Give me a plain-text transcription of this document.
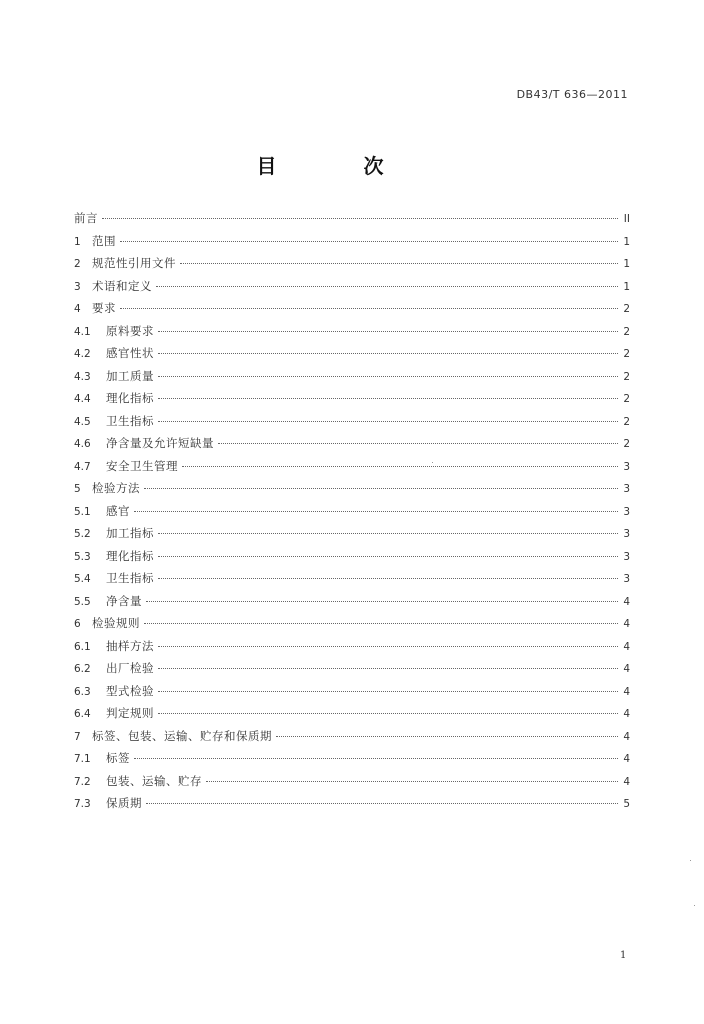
DB43/T 636—2011
目 次
前言	II
1 范围	1
2 规范性引用文件	1
3 术语和定义	1
4 要求	2
4.1	原料要求	2
4.2	感官性状	2
4.3	加工质量	2
4.4	理化指标	2
4.5	卫生指标	2
4.6	净含量及允许短缺量	2
4.7	安全卫生管理	3
5 检验方法	3
5.1	感官	3
5.2	加工指标	3
5.3	理化指标	3
5.4	卫生指标	3
5.5	净含量	4
6 检验规则	4
6.1	抽样方法	4
6.2	出厂检验	4
6.3	型式检验	4
6.4	判定规则	4
7 标签、包装、运输、贮存和保质期	4
7.1	标签	4
7.2	包装、运输、贮存	4
7.3	保质期	5
1
